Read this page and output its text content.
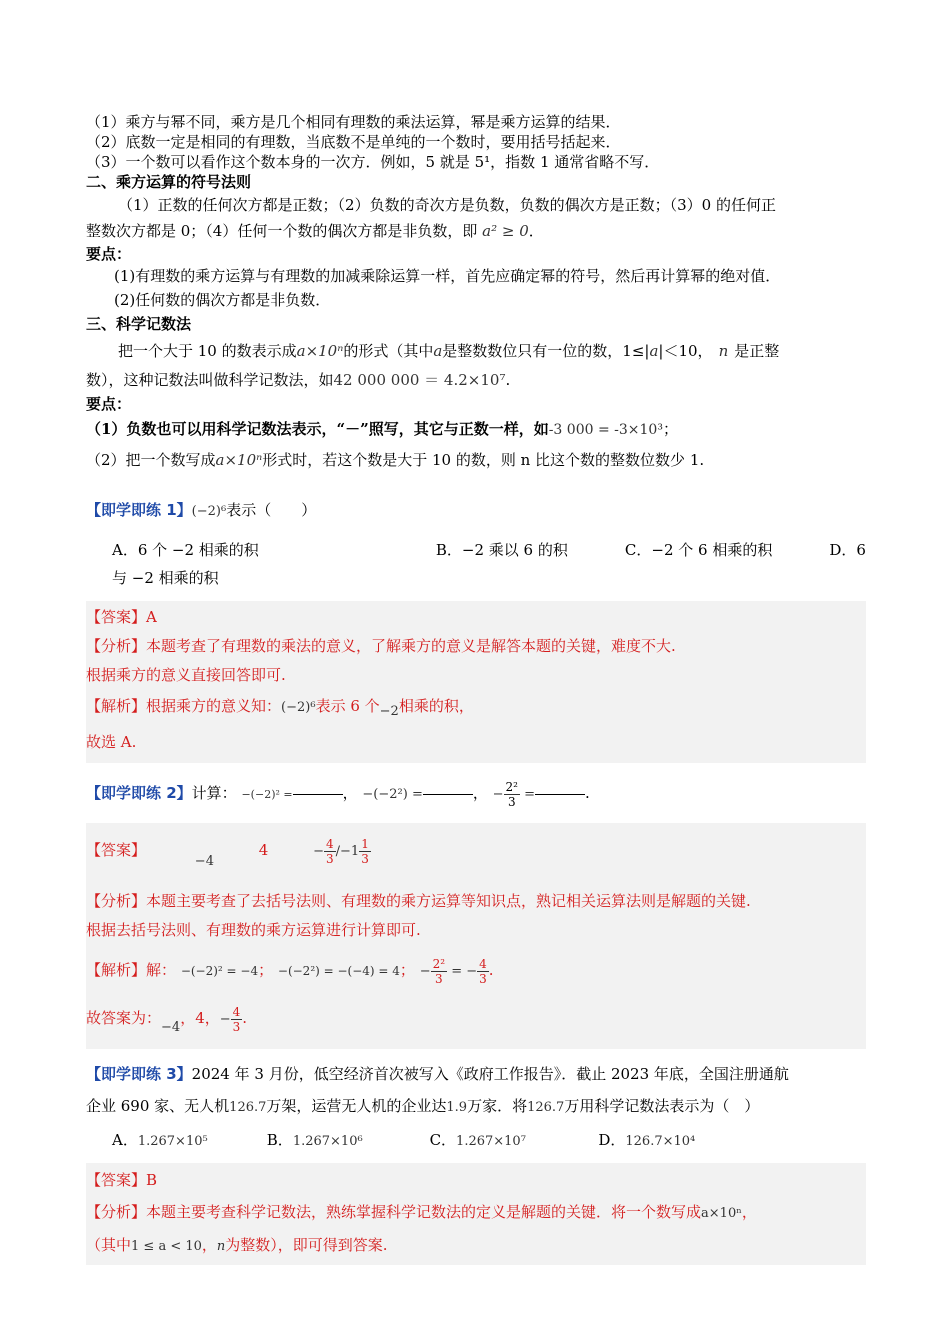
（1）乘方与幂不同，乘方是几个相同有理数的乘法运算，幂是乘方运算的结果．
（2）底数一定是相同的有理数，当底数不是单纯的一个数时，要用括号括起来．
（3）一个数可以看作这个数本身的一次方．例如，5 就是 5¹，指数 1 通常省略不写．
二、乘方运算的符号法则
（1）正数的任何次方都是正数；（2）负数的奇次方是负数，负数的偶次方是正数；（3）0 的任何正
整数次方都是 0；（4）任何一个数的偶次方都是非负数，即 a² ≥ 0．
要点：
(1)有理数的乘方运算与有理数的加减乘除运算一样，首先应确定幂的符号，然后再计算幂的绝对值．
(2)任何数的偶次方都是非负数．
三、科学记数法
把一个大于 10 的数表示成a×10ⁿ的形式（其中a是整数数位只有一位的数，1≤|a|＜10， n 是正整
数），这种记数法叫做科学记数法，如42 000 000 ＝ 4.2×10⁷.
要点：
（1）负数也可以用科学记数法表示，“－”照写，其它与正数一样，如-3 000 = -3×10³；
（2）把一个数写成a×10ⁿ形式时，若这个数是大于 10 的数，则 n 比这个数的整数位数少 1.
【即学即练 1】(−2)⁶表示（　　）
A．6 个 −2 相乘的积	B．−2 乘以 6 的积	C．−2 个 6 相乘的积	D．6
与 −2 相乘的积
【答案】A
【分析】本题考查了有理数的乘法的意义，了解乘方的意义是解答本题的关键，难度不大.
根据乘方的意义直接回答即可.
【解析】根据乘方的意义知：(−2)⁶表示 6 个−2相乘的积，
故选 A.
【即学即练 2】计算： −(−2)² =	， −(−2²) =	， − $\frac{\text{2²}}{3}$ =	.
【答案】 −4 4	− $\frac{4}{3} /-1 \frac{1}{3}$
【分析】本题主要考查了去括号法则、有理数的乘方运算等知识点，熟记相关运算法则是解题的关键.
根据去括号法则、有理数的乘方运算进行计算即可.
【解析】解： −(−2)² = −4； −(−2²) = −(−4) = 4； − $\frac{\text{2²}}{3}$ = − $\frac{4}{3}$ .
故答案为：−4，4，− $\frac{4}{3}$ .
【即学即练 3】2024 年 3 月份，低空经济首次被写入《政府工作报告》．截止 2023 年底，全国注册通航
企业 690 家、无人机126.7万架，运营无人机的企业达1.9万家．将126.7万用科学记数法表示为（　）
A．1.267×10⁵	B．1.267×10⁶	C．1.267×10⁷	D．126.7×10⁴
【答案】B
【分析】本题主要考查科学记数法，熟练掌握科学记数法的定义是解题的关键．将一个数写成a×10ⁿ，
（其中1 ≤ a < 10，n为整数），即可得到答案.
